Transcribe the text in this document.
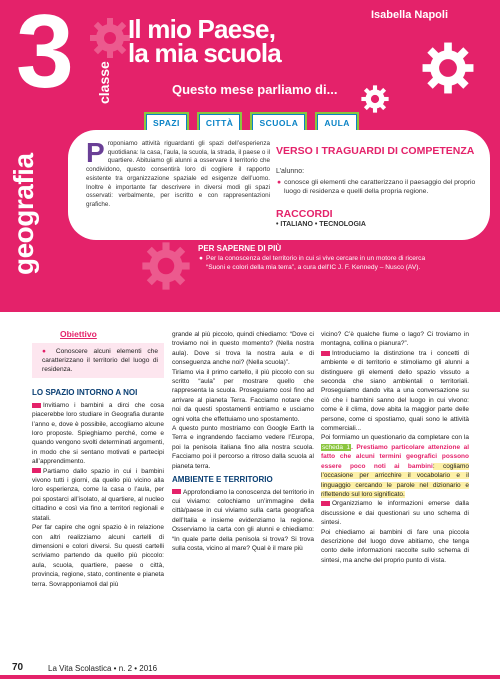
Isabella Napoli
3 classe
Il mio Paese,
la mia scuola
Questo mese parliamo di...
SPAZI	CITTÀ	SCUOLA	AULA
geografia
Proponiamo attività riguardanti gli spazi dell’esperienza quotidiana: la casa, l’aula, la scuola, la strada, il paese o il quartiere. Abituiamo gli alunni a osservare il territorio che condividono, questo consentirà loro di cogliere il rapporto esistente tra organizzazione spaziale ed esigenze dell’uomo. Inoltre è importante far descrivere in diversi modi gli spazi osservati: verbalmente, per iscritto e con rappresentazioni grafiche.
VERSO I TRAGUARDI DI COMPETENZA
L’alunno:
● conosce gli elementi che caratterizzano il paesaggio del proprio luogo di residenza e quelli della propria regione.
RACCORDI
• ITALIANO • TECNOLOGIA
PER SAPERNE DI PIÙ
● Per la conoscenza del territorio in cui si vive cercare in un motore di ricerca “Suoni e colori della mia terra”, a cura dell’IC J. F. Kennedy – Nusco (AV).
Obiettivo
● Conoscere alcuni elementi che caratterizzano il territorio del luogo di residenza.
LO SPAZIO INTORNO A NOI
Invitiamo i bambini a dirci che cosa piacerebbe loro studiare in Geografia durante l’anno e, dove è possibile, accogliamo alcune loro proposte. Spieghiamo perché, come e quando vengono svolti determinati argomenti, in modo che si sentano motivati e partecipi all’apprendimento.
Partiamo dallo spazio in cui i bambini vivono tutti i giorni, da quello più vicino alla loro esperienza, come la casa o l’aula, per poi spostarci all’isolato, al quartiere, al nucleo cittadino e così via fino a territori regionali e statali.
Per far capire che ogni spazio è in relazione con altri realizziamo alcuni cartelli di dimensioni e colori diversi. Su questi cartelli scriviamo partendo da quello più piccolo: aula, scuola, quartiere, paese o città, provincia, regione, stato, continente e pianeta terra. Sovrapponiamoli dal più
grande al più piccolo, quindi chiediamo: “Dove ci troviamo noi in questo momento? (Nella nostra aula). Dove si trova la nostra aula e di conseguenza anche noi? (Nella scuola)”.
Tiriamo via il primo cartello, il più piccolo con su scritto “aula” per mostrare quello che rappresenta la scuola. Proseguiamo così fino ad arrivare al pianeta Terra. Facciamo notare che noi da questi spostamenti entriamo e usciamo ogni volta che effettuiamo uno spostamento.
A questo punto mostriamo con Google Earth la Terra e ingrandendo facciamo vedere l’Europa, poi la penisola italiana fino alla nostra scuola. Facciamo poi il percorso a ritroso dalla scuola al pianeta terra.
AMBIENTE E TERRITORIO
Approfondiamo la conoscenza del territorio in cui viviamo: colochiamo un’immagine della città/paese in cui viviamo sulla carta geografica dell’Italia e insieme evidenziamo la regione. Osserviamo la carta con gli alunni e chiediamo: “In quale parte della penisola si trova? Si trova sulla costa, vicino al mare? Qual è il mare più
vicino? C’è qualche fiume o lago? Ci troviamo in montagna, collina o pianura?”.
Introduciamo la distinzione tra i concetti di ambiente e di territorio e stimoliamo gli alunni a distinguere gli elementi dello spazio vissuto a seconda che siano ambientali o territoriali. Proseguiamo dando vita a una conversazione su ciò che i bambini sanno del luogo in cui vivono: come è il clima, dove abita la maggior parte delle persone, come ci spostiamo, quali sono le attività commerciali...
Poi formiamo un questionario da completare con la scheda 1. Prestiamo particolare attenzione al fatto che alcuni termini geografici possono essere poco noti ai bambini: cogliamo l’occasione per arricchire il vocabolario e il linguaggio cercando le parole nel dizionario e riflettendo sul loro significato.
Organizziamo le informazioni emerse dalla discussione e dai questionari su uno schema di sintesi.
Poi chiediamo ai bambini di fare una piccola descrizione del luogo dove abitiamo, che tenga conto delle informazioni raccolte sullo schema di sintesi, ma anche del proprio punto di vista.
70	La Vita Scolastica • n. 2 • 2016
